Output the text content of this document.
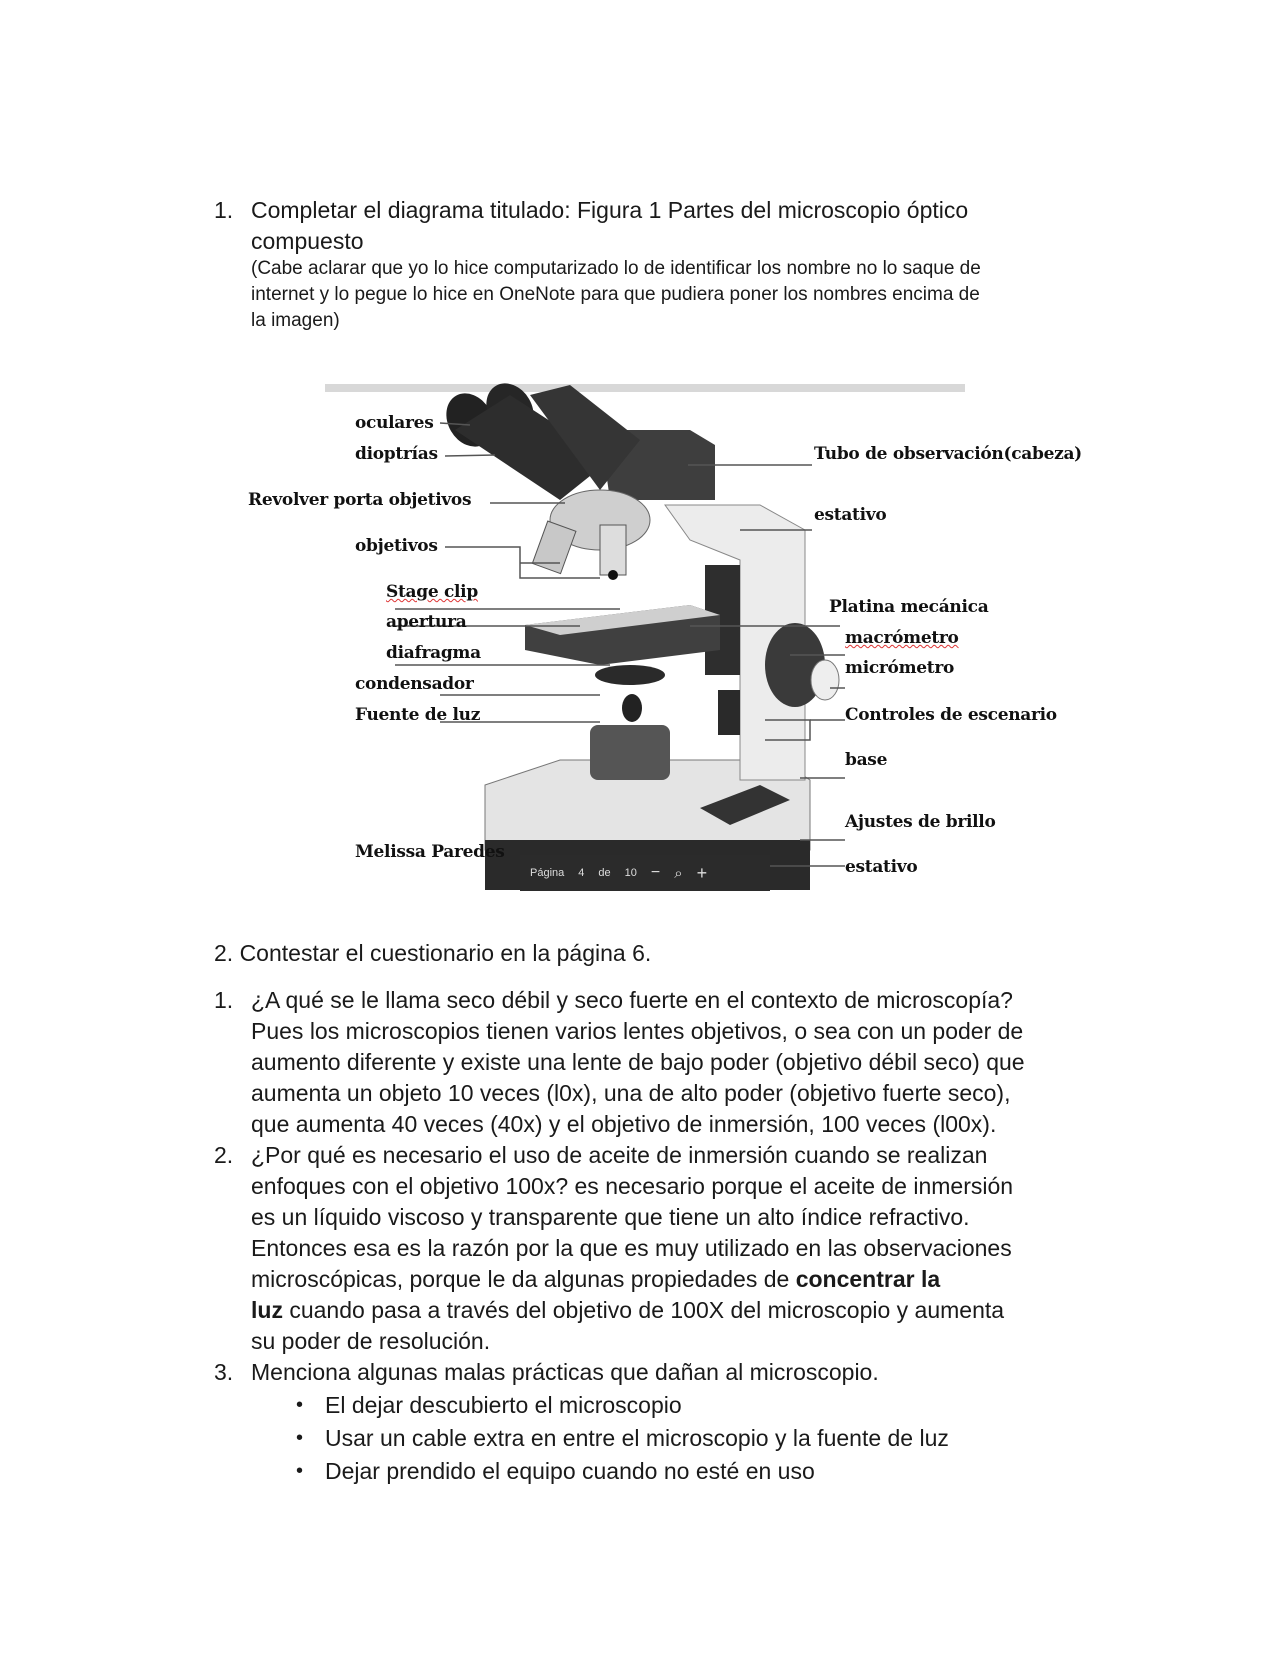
1. Completar el diagrama titulado: Figura 1 Partes del microscopio óptico
compuesto
(Cabe aclarar que yo lo hice computarizado lo de identificar los nombre no lo saque de
internet y lo pegue lo hice en OneNote para que pudiera poner los nombres encima de
la imagen)
oculares
dioptrías
Revolver porta objetivos
objetivos
Stage clip
apertura
diafragma
condensador
Fuente de luz
Melissa Paredes
Tubo de observación(cabeza)
estativo
Platina mecánica
macrómetro
micrómetro
Controles de escenario
base
Ajustes de brillo
estativo
Página 4 de 10 − ⌕ +
2. Contestar el cuestionario en la página 6.
1. ¿A qué se le llama seco débil y seco fuerte en el contexto de microscopía?
Pues los microscopios tienen varios lentes objetivos, o sea con un poder de
aumento diferente y existe una lente de bajo poder (objetivo débil seco) que
aumenta un objeto 10 veces (l0x), una de alto poder (objetivo fuerte seco),
que aumenta 40 veces (40x) y el objetivo de inmersión, 100 veces (l00x).
2. ¿Por qué es necesario el uso de aceite de inmersión cuando se realizan
enfoques con el objetivo 100x? es necesario porque el aceite de inmersión
es un líquido viscoso y transparente que tiene un alto índice refractivo.
Entonces esa es la razón por la que es muy utilizado en las observaciones
microscópicas, porque le da algunas propiedades de concentrar la
luz cuando pasa a través del objetivo de 100X del microscopio y aumenta
su poder de resolución.
3. Menciona algunas malas prácticas que dañan al microscopio.
• El dejar descubierto el microscopio
• Usar un cable extra en entre el microscopio y la fuente de luz
• Dejar prendido el equipo cuando no esté en uso
